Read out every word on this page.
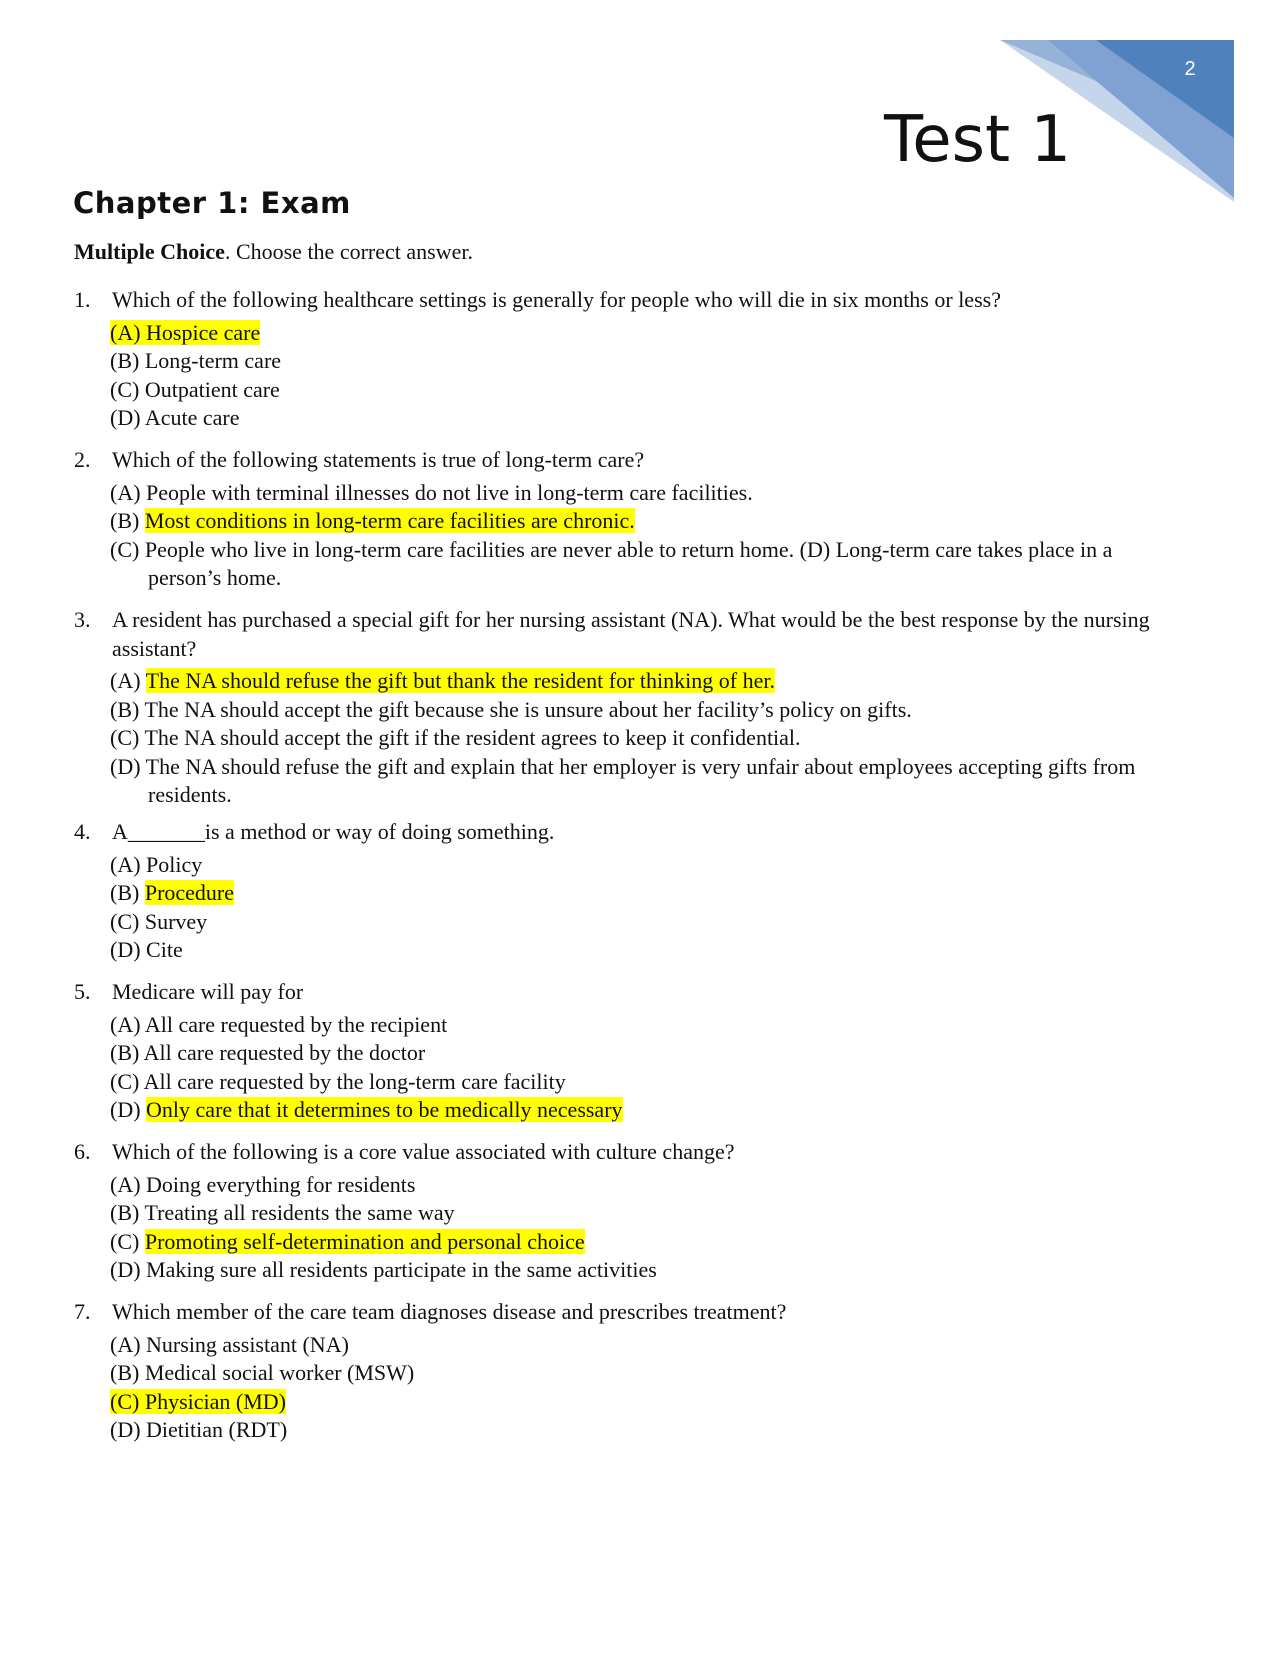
2
Test 1
Chapter 1: Exam

Multiple Choice. Choose the correct answer.

1. Which of the following healthcare settings is generally for people who will die in six months or less?
(A) Hospice care
(B) Long-term care
(C) Outpatient care
(D) Acute care
2. Which of the following statements is true of long-term care?
(A) People with terminal illnesses do not live in long-term care facilities.
(B) Most conditions in long-term care facilities are chronic.
(C) People who live in long-term care facilities are never able to return home. (D) Long-term care takes place in a person’s home.
3. A resident has purchased a special gift for her nursing assistant (NA). What would be the best response by the nursing assistant?
(A) The NA should refuse the gift but thank the resident for thinking of her.
(B) The NA should accept the gift because she is unsure about her facility’s policy on gifts.
(C) The NA should accept the gift if the resident agrees to keep it confidential.
(D) The NA should refuse the gift and explain that her employer is very unfair about employees accepting gifts from residents.
4. A_______is a method or way of doing something.
(A) Policy
(B) Procedure
(C) Survey
(D) Cite
5. Medicare will pay for
(A) All care requested by the recipient
(B) All care requested by the doctor
(C) All care requested by the long-term care facility
(D) Only care that it determines to be medically necessary
6. Which of the following is a core value associated with culture change?
(A) Doing everything for residents
(B) Treating all residents the same way
(C) Promoting self-determination and personal choice
(D) Making sure all residents participate in the same activities
7. Which member of the care team diagnoses disease and prescribes treatment?
(A) Nursing assistant (NA)
(B) Medical social worker (MSW)
(C) Physician (MD)
(D) Dietitian (RDT)
